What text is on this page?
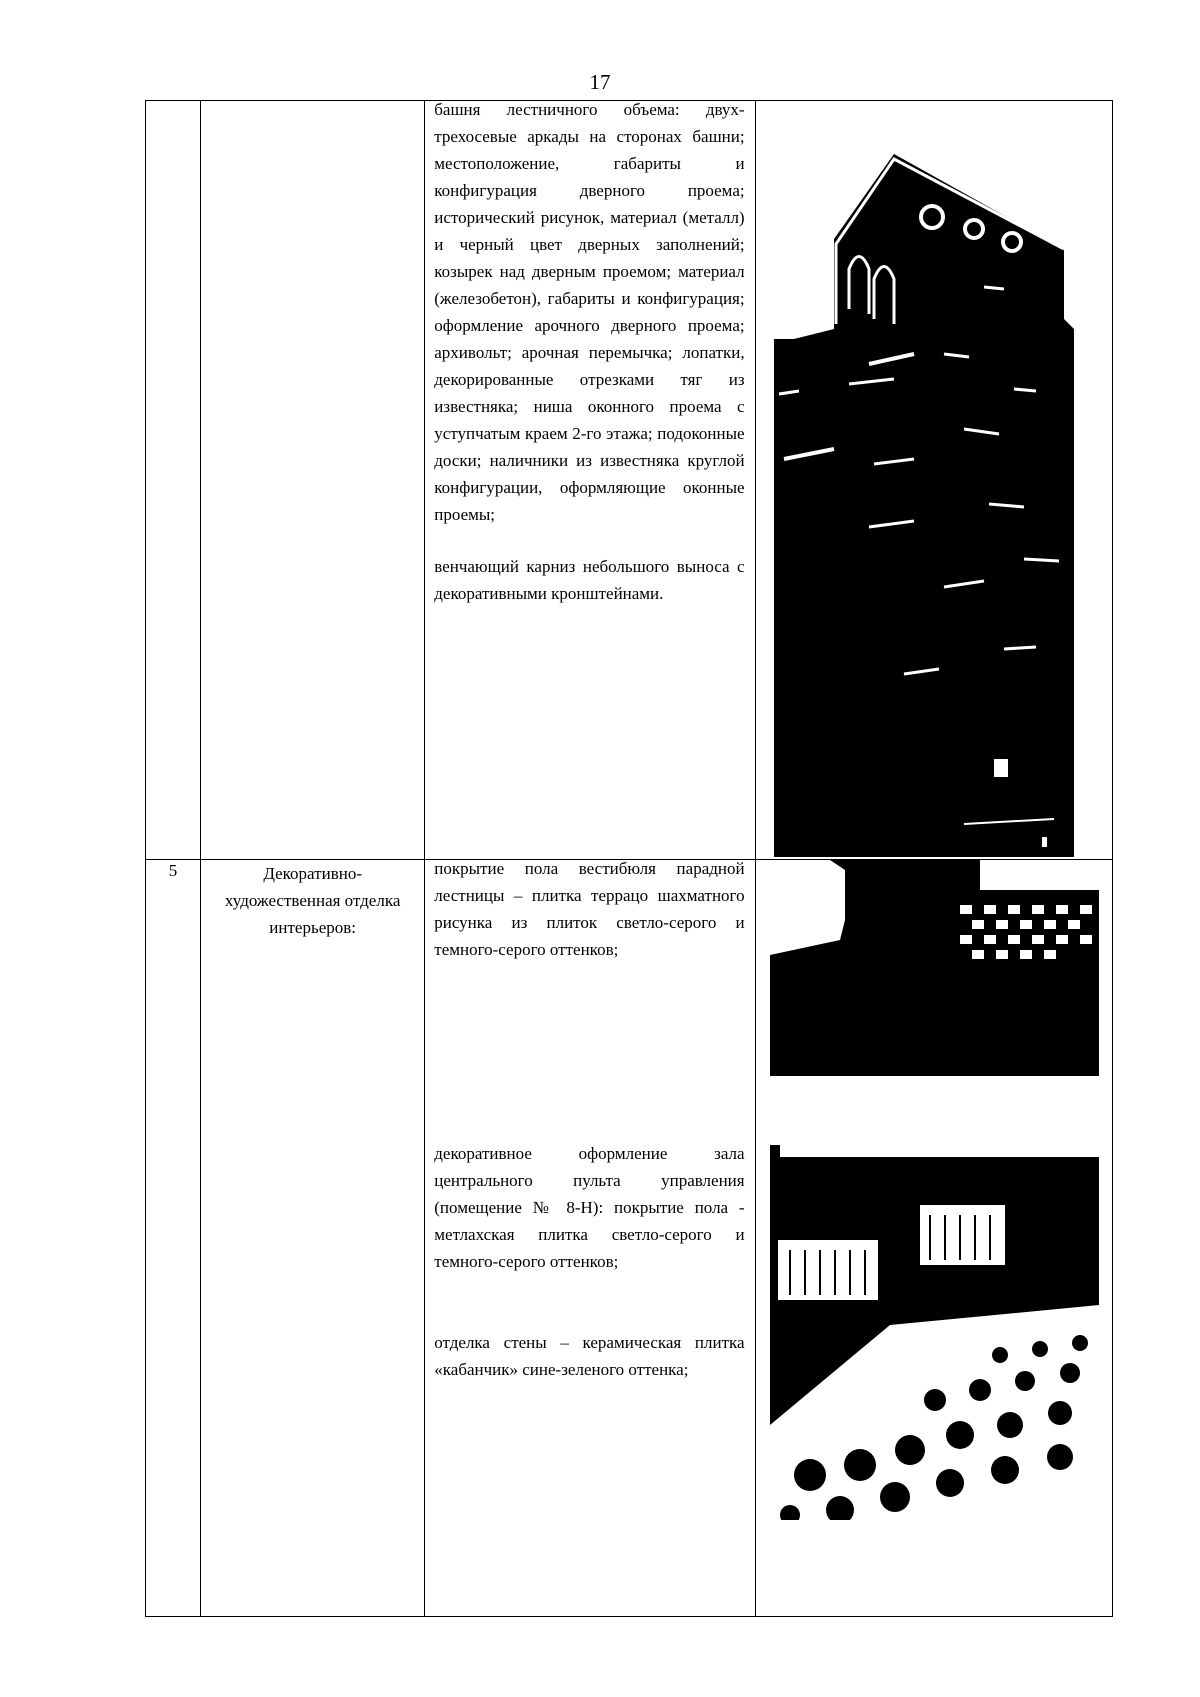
17

		башня лестничного объема: двух-трехосевые аркады на сторонах башни; местоположение, габариты и конфигурация дверного проема; исторический рисунок, материал (металл) и черный цвет дверных заполнений; козырек над дверным проемом; материал (железобетон), габариты и конфигурация; оформление арочного дверного проема; архивольт; арочная перемычка; лопатки, декорированные отрезками тяг из известняка; ниша оконного проема с уступчатым краем 2-го этажа; подоконные доски; наличники из известняка круглой конфигурации, оформляющие оконные проемы;

венчающий карниз небольшого выноса с декоративными кронштейнами.

5	Декоративно-художественная отделка интерьеров:	покрытие пола вестибюля парадной лестницы – плитка террацо шахматного рисунка из плиток светло-серого и темного-серого оттенков;

декоративное оформление зала центрального пульта управления (помещение № 8-Н): покрытие пола - метлахская плитка светло-серого и темного-серого оттенков;

отделка стены – керамическая плитка «кабанчик» сине-зеленого оттенка;
